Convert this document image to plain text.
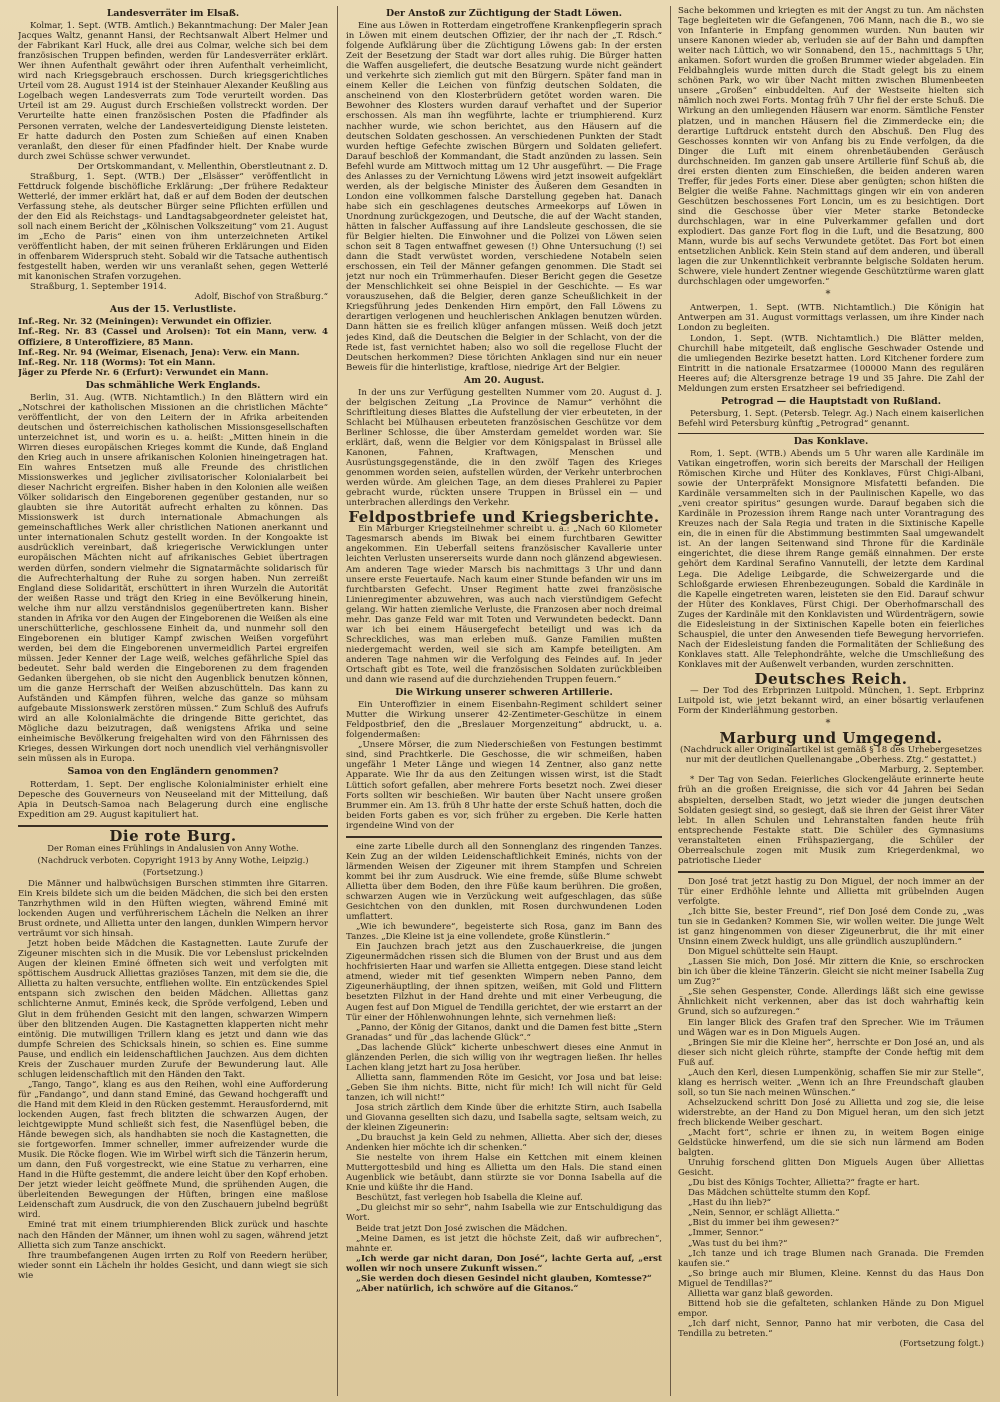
Landesverräter im Elsaß.

Kolmar, 1. Sept. (WTB. Amtlich.) Bekanntmachung: Der Maler Jean Jacques Waltz, genannt Hansi, der Rechtsanwalt Albert Helmer und der Fabrikant Karl Huck, alle drei aus Colmar, welche sich bei dem französischen Truppen befinden, werden für Landesverräter erklärt. Wer ihnen Aufenthalt gewährt oder ihren Aufenthalt verheimlicht, wird nach Kriegsgebrauch erschossen. Durch kriegsgerichtliches Urteil vom 28. August 1914 ist der Steinhauer Alexander Keußling aus Logelbach wegen Landesverrats zum Tode verurteilt worden. Das Urteil ist am 29. August durch Erschießen vollstreckt worden. Der Verurteilte hatte einen französischen Posten die Pfadfinder als Personen verraten, welche der Landesverteidigung Dienste leisteten. Er hatte dadurch den Posten zum Schießen auf einen Knaben veranlaßt, den dieser für einen Pfadfinder hielt. Der Knabe wurde durch zwei Schüsse schwer verwundet.

Der Ortskommandant, v. Mellenthin, Oberstleutnant z. D.

Straßburg, 1. Sept. (WTB.) Der „Elsässer“ veröffentlicht in Fettdruck folgende bischöfliche Erklärung: „Der frühere Redakteur Wetterlé, der immer erklärt hat, daß er auf dem Boden der deutschen Verfassung stehe, als deutscher Bürger seine Pflichten erfüllen und der den Eid als Reichstags- und Landtagsabgeordneter geleistet hat, soll nach einem Bericht der „Kölnischen Volkszeitung“ vom 21. August im „Echo de Paris“ einen von ihm unterzeichneten Artikel veröffentlicht haben, der mit seinen früheren Erklärungen und Eiden in offenbarem Widerspruch steht. Sobald wir die Tatsache authentisch festgestellt haben, werden wir uns veranlaßt sehen, gegen Wetterlé mit kanonischen Strafen vorzugehen.

Straßburg, 1. September 1914.

Adolf, Bischof von Straßburg.“

Aus der 15. Verlustliste.

Inf.-Reg. Nr. 32 (Meiningen): Verwundet ein Offizier.

Inf.-Reg. Nr. 83 (Cassel und Arolsen): Tot ein Mann, verw. 4 Offiziere, 8 Unteroffiziere, 85 Mann.

Inf.-Reg. Nr. 94 (Weimar, Eisenach, Jena): Verw. ein Mann.

Inf.-Reg. Nr. 118 (Worms): Tot ein Mann.

Jäger zu Pferde Nr. 6 (Erfurt): Verwundet ein Mann.

Das schmähliche Werk Englands.

Berlin, 31. Aug. (WTB. Nichtamtlich.) In den Blättern wird ein „Notschrei der katholischen Missionen an die christlichen Mächte“ veröffentlicht, der von den Leitern der in Afrika arbeitenden deutschen und österreichischen katholischen Missionsgesellschaften unterzeichnet ist, und worin es u. a. heißt: „Mitten hinein in die Wirren dieses europäischen Krieges kommt die Kunde, daß England den Krieg auch in unsere afrikanischen Kolonien hineingetragen hat. Ein wahres Entsetzen muß alle Freunde des christlichen Missionswerkes und jeglicher zivilisatorischer Kolonialarbeit bei dieser Nachricht ergreifen. Bisher haben in den Kolonien alle weißen Völker solidarisch den Eingeborenen gegenüber gestanden, nur so glaubten sie ihre Autorität aufrecht erhalten zu können. Das Missionswerk ist durch internationale Abmachungen als gemeinschaftliches Werk aller christlichen Nationen anerkannt und unter internationalen Schutz gestellt worden. In der Kongoakte ist ausdrücklich vereinbart, daß kriegerische Verwicklungen unter europäischen Mächten nicht auf afrikanisches Gebiet übertragen werden dürfen, sondern vielmehr die Signatarmächte solidarisch für die Aufrechterhaltung der Ruhe zu sorgen haben. Nun zerreißt England diese Solidarität, erschüttert in ihren Wurzeln die Autorität der weißen Rasse und trägt den Krieg in eine Bevölkerung hinein, welche ihm nur allzu verständnislos gegenübertreten kann. Bisher standen in Afrika vor den Augen der Eingeborenen die Weißen als eine unerschütterliche, geschlossene Einheit da, und nunmehr soll den Eingeborenen ein blutiger Kampf zwischen Weißen vorgeführt werden, bei dem die Eingeborenen unvermeidlich Partei ergreifen müssen. Jeder Kenner der Lage weiß, welches gefährliche Spiel das bedeutet. Sehr bald werden die Eingeborenen zu dem fragenden Gedanken übergehen, ob sie nicht den Augenblick benutzen können, um die ganze Herrschaft der Weißen abzuschütteln. Das kann zu Aufständen und Kämpfen führen, welche das ganze so mühsam aufgebaute Missionswerk zerstören müssen.“ Zum Schluß des Aufrufs wird an alle Kolonialmächte die dringende Bitte gerichtet, das Mögliche dazu beizutragen, daß wenigstens Afrika und seine einheimische Bevölkerung freigehalten wird von den Fährnissen des Krieges, dessen Wirkungen dort noch unendlich viel verhängnisvoller sein müssen als in Europa.

Samoa von den Engländern genommen?

Rotterdam, 1. Sept. Der englische Kolonialminister erhielt eine Depesche des Gouverneurs von Neuseeland mit der Mitteilung, daß Apia in Deutsch-Samoa nach Belagerung durch eine englische Expedition am 29. August kapituliert hat.

Die rote Burg.
Der Roman eines Frühlings in Andalusien von Anny Wothe.
(Nachdruck verboten. Copyright 1913 by Anny Wothe, Leipzig.)
(Fortsetzung.)

Die Männer und halbwüchsigen Burschen stimmten ihre Gitarren. Ein Kreis bildete sich um die beiden Mädchen, die sich bei den ersten Tanzrhythmen wild in den Hüften wiegten, während Eminé mit lockenden Augen und verführerischem Lächeln die Nelken an ihrer Brust ordnete, und Allietta unter den langen, dunklen Wimpern hervor verträumt vor sich hinsah.

Jetzt hoben beide Mädchen die Kastagnetten. Laute Zurufe der Zigeuner mischten sich in die Musik. Die vor Lebenslust prickelnden Augen der kleinen Eminé öffneten sich weit und verfolgten mit spöttischem Ausdruck Alliettas graziöses Tanzen, mit dem sie die, die Allietta zu halten versuchte, entfliehen wollte. Ein entzückendes Spiel entspann sich zwischen den beiden Mädchen. Alliettas ganz schlichterne Anmut, Eminés keck, die Spröde verfolgend, Leben und Glut in dem frühenden Gesicht mit den langen, schwarzen Wimpern über den blitzenden Augen. Die Kastagnetten klapperten nicht mehr eintönig. Die mutwilligen Trillern klang es jetzt und dann wie das dumpfe Schreien des Schicksals hinein, so schien es. Eine summe Pause, und endlich ein leidenschaftlichen Jauchzen. Aus dem dichten Kreis der Zuschauer murden Zurufe der Bewunderung laut. Alle schlugen leidenschaftlich mit den Händen den Takt.

„Tango, Tango“, klang es aus den Reihen, wohl eine Aufforderung für „Fandango“, und dann stand Eminé, das Gewand hochgerafft und die Hand mit dem Kleid in den Rücken gestemmt. Herausfordernd, mit lockenden Augen, fast frech blitzten die schwarzen Augen, der leichtgewippte Mund schließt sich fest, die Nasenflügel beben, die Hände bewegen sich, als handhabten sie noch die Kastagnetten, die sie fortgeworfen. Immer schneller, immer aufreizender wurde die Musik. Die Röcke flogen. Wie im Wirbel wirft sich die Tänzerin herum, um dann, den Fuß vorgestreckt, wie eine Statue zu verharren, eine Hand in die Hüfte gestemmt, die andere leicht über den Kopf erhoben. Der jetzt wieder leicht geöffnete Mund, die sprühenden Augen, die überleitenden Bewegungen der Hüften, bringen eine maßlose Leidenschaft zum Ausdruck, die von den Zuschauern jubelnd begrüßt wird.

Eminé trat mit einem triumphierenden Blick zurück und haschte nach den Händen der Männer, um ihnen wohl zu sagen, während jetzt Allietta sich zum Tanze anschickt.

Ihre traumbefangenen Augen irrten zu Rolf von Reedern herüber, wieder sonnt ein Lächeln ihr holdes Gesicht, und dann wiegt sie sich wie

Der Anstoß zur Züchtigung der Stadt Löwen.

Eine aus Löwen in Rotterdam eingetroffene Krankenpflegerin sprach in Löwen mit einem deutschen Offizier, der ihr nach der „T. Rdsch.“ folgende Aufklärung über die Züchtigung Löwens gab: In der ersten Zeit der Besetzung der Stadt war dort alles ruhig. Die Bürger hatten die Waffen ausgeliefert, die deutsche Besatzung wurde nicht geändert und verkehrte sich ziemlich gut mit den Bürgern. Später fand man in einem Keller die Leichen von fünfzig deutschen Soldaten, die anscheinend von den Klosterbrüdern getötet worden waren. Die Bewohner des Klosters wurden darauf verhaftet und der Superior erschossen. Als man ihn wegführte, lachte er triumphierend. Kurz nachher wurde, wie schon berichtet, aus den Häusern auf die deutschen Soldaten geschossen. An verschiedenen Punkten der Stadt wurden heftige Gefechte zwischen Bürgern und Soldaten geliefert. Darauf beschloß der Kommandant, die Stadt anzünden zu lassen. Sein Befehl wurde am Mittwoch mittag um 12 Uhr ausgeführt. — Die Frage des Anlasses zu der Vernichtung Löwens wird jetzt insoweit aufgeklärt werden, als der belgische Minister des Äußeren dem Gesandten in London eine vollkommen falsche Darstellung gegeben hat. Danach habe sich ein geschlagenes deutsches Armeekorps auf Löwen in Unordnung zurückgezogen, und Deutsche, die auf der Wacht standen, hätten in falscher Auffassung auf ihre Landsleute geschossen, die sie für Belgier hielten. Die Einwohner und die Polizei von Löwen seien schon seit 8 Tagen entwaffnet gewesen (!) Ohne Untersuchung (!) sei dann die Stadt verwüstet worden, verschiedene Notabeln seien erschossen, ein Teil der Männer gefangen genommen. Die Stadt sei jetzt nur noch ein Trümmerhaufen. Dieser Bericht gegen die Gesetze der Menschlichkeit sei ohne Beispiel in der Geschichte. — Es war vorauszusehen, daß die Belgier, deren ganze Scheußlichkeit in der Kriegsführung jedes Denkenden Hirn empört, den Fall Löwens zu derartigen verlogenen und heuchlerischen Anklagen benutzen würden. Dann hätten sie es freilich klüger anfangen müssen. Weiß doch jetzt jedes Kind, daß die Deutschen die Belgier in der Schlacht, von der die Rede ist, fast vernichtet haben; also wo soll die regellose Flucht der Deutschen herkommen? Diese törichten Anklagen sind nur ein neuer Beweis für die hinterlistige, kraftlose, niedrige Art der Belgier.

Am 20. August.

In der uns zur Verfügung gestellten Nummer vom 20. August d. J. der belgischen Zeitung „La Province de Namur“ verhöhnt die Schriftleitung dieses Blattes die Aufstellung der vier erbeuteten, in der Schlacht bei Mülhausen erbeuteten französischen Geschütze vor dem Berliner Schlosse, die über Amsterdam gemeldet worden war. Sie erklärt, daß, wenn die Belgier vor dem Königspalast in Brüssel alle Kanonen, Fahnen, Kraftwagen, Menschen und Ausrüstungsgegenstände, die in den zwölf Tagen des Krieges genommen worden seien, aufstellen würden, der Verkehr unterbrochen werden würde. Am gleichen Tage, an dem dieses Prahlerei zu Papier gebracht wurde, rückten unsere Truppen in Brüssel ein — und unterbrachen allerdings den Verkehr.

Feldpostbriefe und Kriegsberichte.

Ein Marburger Kriegsteilnehmer schreibt u. a.: „Nach 60 Kilometer Tagesmarsch abends im Biwak bei einem furchtbaren Gewitter angekommen. Ein Ueberfall seitens französischer Kavallerie unter leichten Verlusten unsererseits wurde dann noch glänzend abgewiesen. Am anderen Tage wieder Marsch bis nachmittags 3 Uhr und dann unsere erste Feuertaufe. Nach kaum einer Stunde befanden wir uns im furchtbarsten Gefecht. Unser Regiment hatte zwei französische Linienregimenter abzuwehren, was auch nach vierstündigem Gefecht gelang. Wir hatten ziemliche Verluste, die Franzosen aber noch dreimal mehr. Das ganze Feld war mit Toten und Verwundeten bedeckt. Dann war ich bei einem Häusergefecht beteiligt und was ich da Schreckliches, was man erleben muß. Ganze Familien mußten niedergemacht werden, weil sie sich am Kampfe beteiligten. Am anderen Tage nahmen wir die Verfolgung des Feindes auf. In jeder Ortschaft gibt es Tote, weil die französischen Soldaten zurückbleiben und dann wie rasend auf die durchziehenden Truppen feuern.“

Die Wirkung unserer schweren Artillerie.

Ein Unteroffizier in einem Eisenbahn-Regiment schildert seiner Mutter die Wirkung unserer 42-Zentimeter-Geschütze in einem Feldpostbrief, den die „Breslauer Morgenzeitung“ abdruckt, u. a. folgendermaßen:

„Unsere Mörser, die zum Niederschießen von Festungen bestimmt sind, sind Prachtkerle. Die Geschosse, die wir schmeißen, haben ungefähr 1 Meter Länge und wiegen 14 Zentner, also ganz nette Apparate. Wie Ihr da aus den Zeitungen wissen wirst, ist die Stadt Lüttich sofort gefallen, aber mehrere Forts besetzt noch. Zwei dieser Forts sollten wir beschießen. Wir bauten über Nacht unsere großen Brummer ein. Am 13. früh 8 Uhr hatte der erste Schuß hatten, doch die beiden Forts gaben es vor, sich früher zu ergeben. Die Kerle hatten irgendeine Wind von der

eine zarte Libelle durch all den Sonnenglanz des ringenden Tanzes. Kein Zug an der wilden Leidenschaftlichkeit Eminés, nichts von der lärmenden Weisen der Zigeuner mit ihrem Stampfen und Schreien kommt bei ihr zum Ausdruck. Wie eine fremde, süße Blume schwebt Allietta über dem Boden, den ihre Füße kaum berühren. Die großen, schwarzen Augen wie in Verzückung weit aufgeschlagen, das süße Gesichtchen von den dunklen, mit Rosen durchwundenen Loden umflattert.

„Wie ich bewundere“, begeisterte sich Rosa, ganz im Bann des Tanzes. „Die Kleine ist ja eine vollendete, große Künstlerin.“

Ein Jauchzen brach jetzt aus den Zuschauerkreise, die jungen Zigeunermädchen rissen sich die Blumen von der Brust und aus dem hochfrisierten Haar und warfen sie Allietta entgegen. Diese stand leicht atmend, wieder mit tief gesenkten Wimpern neben Panno, dem Zigeunerhäuptling, der ihnen spitzen, weißen, mit Gold und Flittern besetzten Filzhut in der Hand drehte und mit einer Verbeugung, die Augen fest auf Don Miguel de Tendilla gerichtet, der wie erstarrt an der Tür einer der Höhlenwohnungen lehnte, sich vernehmen ließ:

„Panno, der König der Gitanos, dankt und die Damen fest bitte „Stern Granadas“ und für „das lachende Glück“.“

„Das lachende Glück“ kicherte unbeschwert dieses eine Anmut in glänzenden Perlen, die sich willig von ihr wegtragen ließen. Ihr helles Lachen klang jetzt hart zu Josa herüber.

Allietta sann, flammenden Röte im Gesicht, vor Josa und bat leise: „Geben Sie ihm nichts. Bitte, nicht für mich! Ich will nicht für Geld tanzen, ich will nicht!“

Josa strich zärtlich dem Kinde über die erhitzte Stirn, auch Isabella und Giovanna gesellten sich dazu, und Isabella sagte, seltsam weich, zu der kleinen Zigeunerin:

„Du brauchst ja kein Geld zu nehmen, Allietta. Aber sich der, dieses Andenken hier möchte ich dir schenken.“

Sie nestelte von ihrem Halse ein Kettchen mit einem kleinen Muttergottesbild und hing es Allietta um den Hals. Die stand einen Augenblick wie betäubt, dann stürzte sie vor Donna Isabella auf die Knie und küßte ihr die Hand.

Beschützt, fast verlegen hob Isabella die Kleine auf.

„Du gleichst mir so sehr“, nahm Isabella wie zur Entschuldigung das Wort.

Beide trat jetzt Don José zwischen die Mädchen.

„Meine Damen, es ist jetzt die höchste Zeit, daß wir aufbrechen“, mahnte er.

„Ich werde gar nicht daran, Don José“, lachte Gerta auf, „erst wollen wir noch unsere Zukunft wissen.“

„Sie werden doch diesen Gesindel nicht glauben, Komtesse?“

„Aber natürlich, ich schwöre auf die Gitanos.“

Sache bekommen und kriegten es mit der Angst zu tun. Am nächsten Tage begleiteten wir die Gefangenen, 706 Mann, nach die B., wo sie von Infanterie in Empfang genommen wurden. Nun bauten wir unsere Kanonen wieder ab, verluden sie auf der Bahn und dampften weiter nach Lüttich, wo wir Sonnabend, den 15., nachmittags 5 Uhr, ankamen. Sofort wurden die großen Brummer wieder abgeladen. Ein Feldbahngleis wurde mitten durch die Stadt gelegt bis zu einem schönen Park, wo wir über Nacht mitten zwischen Blumenbeeten unsere „Großen“ einbuddelten. Auf der Westseite hielten sich nämlich noch zwei Forts. Montag früh 7 Uhr fiel der erste Schuß. Die Wirkung an den umliegenden Häusern war enorm. Sämtliche Fenster platzen, und in manchen Häusern fiel die Zimmerdecke ein; die derartige Luftdruck entsteht durch den Abschuß. Den Flug des Geschosses konnten wir von Anfang bis zu Ende verfolgen, da die Dinger die Luft mit einem ohrenbetäubenden Geräusch durchschneiden. Im ganzen gab unsere Artillerie fünf Schuß ab, die drei ersten dienten zum Einschießen, die beiden anderen waren Treffer, für jedes Forts einer. Diese aber genügten; schon hißten die Belgier die weiße Fahne. Nachmittags gingen wir ein von anderen Geschützen beschossenes Fort Loncin, um es zu besichtigen. Dort sind die Geschosse über vier Meter starke Betondecke durchschlagen, war in eine Pulverkammer gefallen und dort explodiert. Das ganze Fort flog in die Luft, und die Besatzung, 800 Mann, wurde bis auf sechs Verwundete getötet. Das Fort bot einen entsetzlichen Anblick. Kein Stein stand auf dem anderen, und überall lagen die zur Unkenntlichkeit verbrannte belgische Soldaten herum. Schwere, viele hundert Zentner wiegende Geschütztürme waren glatt durchschlagen oder umgeworfen.“

*

Antwerpen, 1. Sept. (WTB. Nichtamtlich.) Die Königin hat Antwerpen am 31. August vormittags verlassen, um ihre Kinder nach London zu begleiten.

London, 1. Sept. (WTB. Nichtamtlich.) Die Blätter melden, Churchill habe mitgeteilt, daß englische Geschwader Ostende und die umliegenden Bezirke besetzt hatten. Lord Kitchener fordere zum Eintritt in die nationale Ersatzarmee (100000 Mann des regulären Heeres auf; die Altersgrenze betrage 19 und 35 Jahre. Die Zahl der Meldungen zum ersten Ersatzheer sei befriedigend.

Petrograd — die Hauptstadt von Rußland.

Petersburg, 1. Sept. (Petersb. Telegr. Ag.) Nach einem kaiserlichen Befehl wird Petersburg künftig „Petrograd“ genannt.

Das Konklave.

Rom, 1. Sept. (WTB.) Abends um 5 Uhr waren alle Kardinäle im Vatikan eingetroffen, worin sich bereits der Marschall der Heiligen Römischen Kirche und Hüter des Konklaves, Fürst Chigi-Albani, sowie der Unterpräfekt Monsignore Misfatetti befanden. Die Kardinäle versammelten sich in der Paulinischen Kapelle, wo das „veni creator spiritus“ gesungen wurde. Darauf begaben sich die Kardinäle in Prozession ihrem Range nach unter Vorantragung des Kreuzes nach der Sala Regia und traten in die Sixtinische Kapelle ein, die in einen für die Abstimmung bestimmten Saal umgewandelt ist. An der langen Seitenwand sind Throne für die Kardinäle eingerichtet, die diese ihrem Range gemäß einnahmen. Der erste gehört dem Kardinal Serafino Vannutelli, der letzte dem Kardinal Lega. Die Adelige Leibgarde, die Schweizergarde und die Schloßgarde erwiesen Ehrenbezeugungen. Sobald die Kardinäle in die Kapelle eingetreten waren, leisteten sie den Eid. Darauf schwur der Hüter des Konklaves, Fürst Chigi. Der Oberhofmarschall des Zuges der Kardinäle mit den Konklavisten und Würdenträgern, sowie die Eidesleistung in der Sixtinischen Kapelle boten ein feierliches Schauspiel, die unter den Anwesenden tiefe Bewegung hervorriefen. Nach der Eidesleistung fanden die Formalitäten der Schließung des Konklaves statt. Alle Telephondrähte, welche die Umschließung des Konklaves mit der Außenwelt verbanden, wurden zerschnitten.

Deutsches Reich.

— Der Tod des Erbprinzen Luitpold. München, 1. Sept. Erbprinz Luitpold ist, wie jetzt bekannt wird, an einer bösartig verlaufenen Form der Kinderlähmung gestorben.

*
Marburg und Umgegend.

(Nachdruck aller Originalartikel ist gemäß § 18 des Urhebergesetzes nur mit der deutlichen Quellenangabe „Oberhess. Ztg.“ gestattet.)

Marburg, 2. September.

* Der Tag von Sedan. Feierliches Glockengeläute erinnerte heute früh an die großen Ereignisse, die sich vor 44 Jahren bei Sedan abspielten, derselben Stadt, wo jetzt wieder die jungen deutschen Soldaten gesiegt sind, so gesiegt, daß sie ihren der Geist ihrer Väter lebt. In allen Schulen und Lehranstalten fanden heute früh entsprechende Festakte statt. Die Schüler des Gymnasiums veranstalteten einen Frühspaziergang, die Schüler der Oberrealschule zogen mit Musik zum Kriegerdenkmal, wo patriotische Lieder

Don José trat jetzt hastig zu Don Miguel, der noch immer an der Tür einer Erdhöhle lehnte und Allietta mit grübelnden Augen verfolgte.

„Ich bitte Sie, bester Freund“, rief Don José dem Conde zu, „was tun sie in Gedanken? Kommen Sie, wir wollen weiter. Die junge Welt ist ganz hingenommen von dieser Zigeunerbrut, die ihr mit einer Unsinn einem Zweck huldigt, uns alle gründlich auszuplündern.“

Don Miguel schüttelte sein Haupt.

„Lassen Sie mich, Don José. Mir zittern die Knie, so erschrocken bin ich über die kleine Tänzerin. Gleicht sie nicht meiner Isabella Zug um Zug?“

„Sie sehen Gespenster, Conde. Allerdings läßt sich eine gewisse Ähnlichkeit nicht verkennen, aber das ist doch wahrhaftig kein Grund, sich so aufzuregen.“

Ein langer Blick des Grafen traf den Sprecher. Wie im Träumen und Wägen war es in Don Miguels Augen.

„Bringen Sie mir die Kleine her“, herrschte er Don José an, und als dieser sich nicht gleich rührte, stampfte der Conde heftig mit dem Fuß auf.

„Auch den Kerl, diesen Lumpenkönig, schaffen Sie mir zur Stelle“, klang es herrisch weiter. „Wenn ich an Ihre Freundschaft glauben soll, so tun Sie nach meinen Wünschen.“

Achselzuckend schritt Don José zu Allietta und zog sie, die leise widerstrebte, an der Hand zu Don Miguel heran, um den sich jetzt frech blickende Weiber geschart.

„Macht fort“, schrie er ihnen zu, in weitem Bogen einige Geldstücke hinwerfend, um die sie sich nun lärmend am Boden balgten.

Unruhig forschend glitten Don Miguels Augen über Alliettas Gesicht.

„Du bist des Königs Tochter, Allietta?“ fragte er hart.

Das Mädchen schüttelte stumm den Kopf.

„Hast du ihn lieb?“

„Nein, Sennor, er schlägt Allietta.“

„Bist du immer bei ihm gewesen?“

„Immer, Sennor.“

„Was tust du bei ihm?“

„Ich tanze und ich trage Blumen nach Granada. Die Fremden kaufen sie.“

„So bringe auch mir Blumen, Kleine. Kennst du das Haus Don Miguel de Tendillas?“

Allietta war ganz blaß geworden.

Bittend hob sie die gefalteten, schlanken Hände zu Don Miguel empor.

„Ich darf nicht, Sennor, Panno hat mir verboten, die Casa del Tendilla zu betreten.“

(Fortsetzung folgt.)
